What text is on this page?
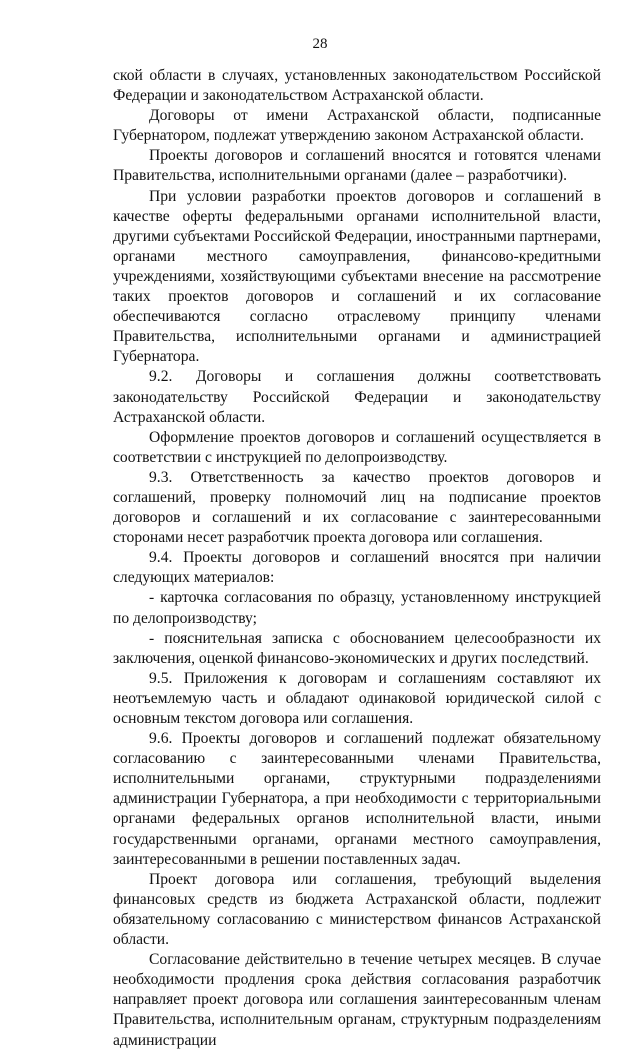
28

ской области в случаях, установленных законодательством Российской Федерации и законодательством Астраханской области.

Договоры от имени Астраханской области, подписанные Губернатором, подлежат утверждению законом Астраханской области.

Проекты договоров и соглашений вносятся и готовятся членами Правительства, исполнительными органами (далее – разработчики).

При условии разработки проектов договоров и соглашений в качестве оферты федеральными органами исполнительной власти, другими субъектами Российской Федерации, иностранными партнерами, органами местного самоуправления, финансово-кредитными учреждениями, хозяйствующими субъектами внесение на рассмотрение таких проектов договоров и соглашений и их согласование обеспечиваются согласно отраслевому принципу членами Правительства, исполнительными органами и администрацией Губернатора.

9.2. Договоры и соглашения должны соответствовать законодательству Российской Федерации и законодательству Астраханской области.

Оформление проектов договоров и соглашений осуществляется в соответствии с инструкцией по делопроизводству.

9.3. Ответственность за качество проектов договоров и соглашений, проверку полномочий лиц на подписание проектов договоров и соглашений и их согласование с заинтересованными сторонами несет разработчик проекта договора или соглашения.

9.4. Проекты договоров и соглашений вносятся при наличии следующих материалов:

- карточка согласования по образцу, установленному инструкцией по делопроизводству;

- пояснительная записка с обоснованием целесообразности их заключения, оценкой финансово-экономических и других последствий.

9.5. Приложения к договорам и соглашениям составляют их неотъемлемую часть и обладают одинаковой юридической силой с основным текстом договора или соглашения.

9.6. Проекты договоров и соглашений подлежат обязательному согласованию с заинтересованными членами Правительства, исполнительными органами, структурными подразделениями администрации Губернатора, а при необходимости с территориальными органами федеральных органов исполнительной власти, иными государственными органами, органами местного самоуправления, заинтересованными в решении поставленных задач.

Проект договора или соглашения, требующий выделения финансовых средств из бюджета Астраханской области, подлежит обязательному согласованию с министерством финансов Астраханской области.

Согласование действительно в течение четырех месяцев. В случае необходимости продления срока действия согласования разработчик направляет проект договора или соглашения заинтересованным членам Правительства, исполнительным органам, структурным подразделениям администрации
